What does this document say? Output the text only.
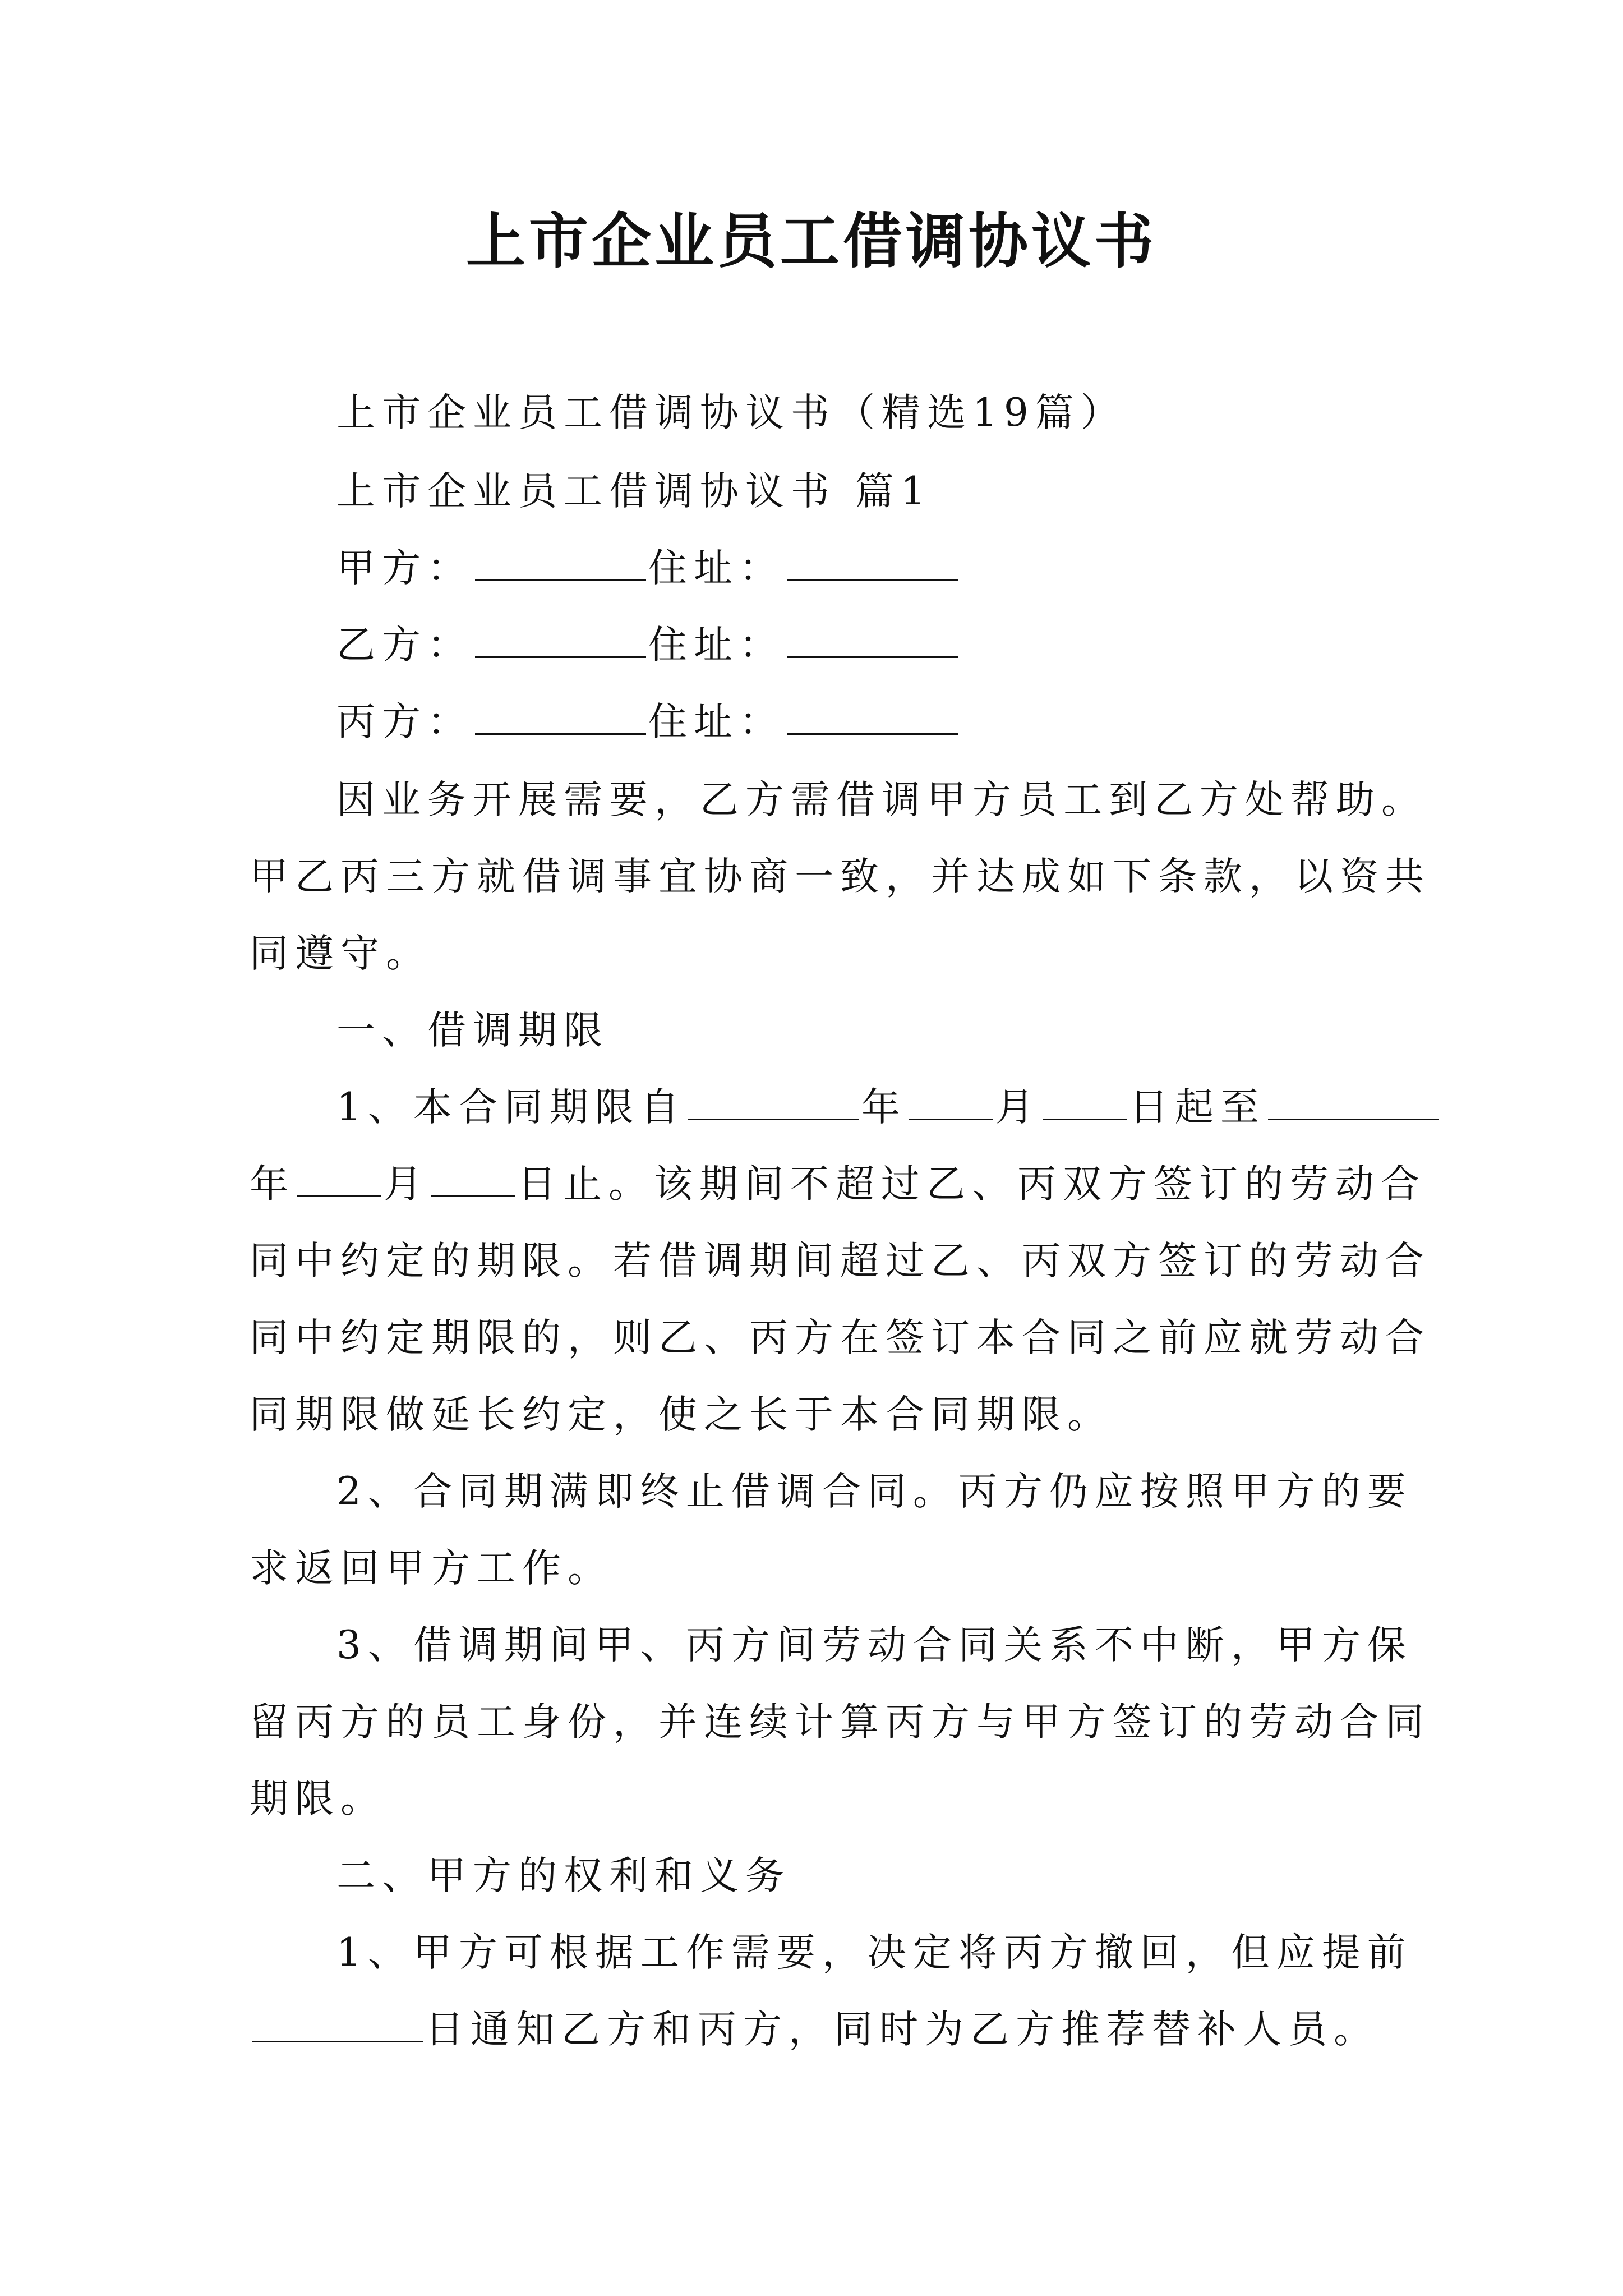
上市企业员工借调协议书
上市企业员工借调协议书（精选19篇）
上市企业员工借调协议书 篇1
甲方：	住址：
乙方：	住址：
丙方：	住址：
因业务开展需要，乙方需借调甲方员工到乙方处帮助。
甲乙丙三方就借调事宜协商一致，并达成如下条款，以资共
同遵守。
一、借调期限
1、本合同期限自	年 月 日起至
年 月 日止。该期间不超过乙、丙双方签订的劳动合
同中约定的期限。若借调期间超过乙、丙双方签订的劳动合
同中约定期限的，则乙、丙方在签订本合同之前应就劳动合
同期限做延长约定，使之长于本合同期限。
2、合同期满即终止借调合同。丙方仍应按照甲方的要
求返回甲方工作。
3、借调期间甲、丙方间劳动合同关系不中断，甲方保
留丙方的员工身份，并连续计算丙方与甲方签订的劳动合同
期限。
二、甲方的权利和义务
1、甲方可根据工作需要，决定将丙方撤回，但应提前
日通知乙方和丙方，同时为乙方推荐替补人员。
